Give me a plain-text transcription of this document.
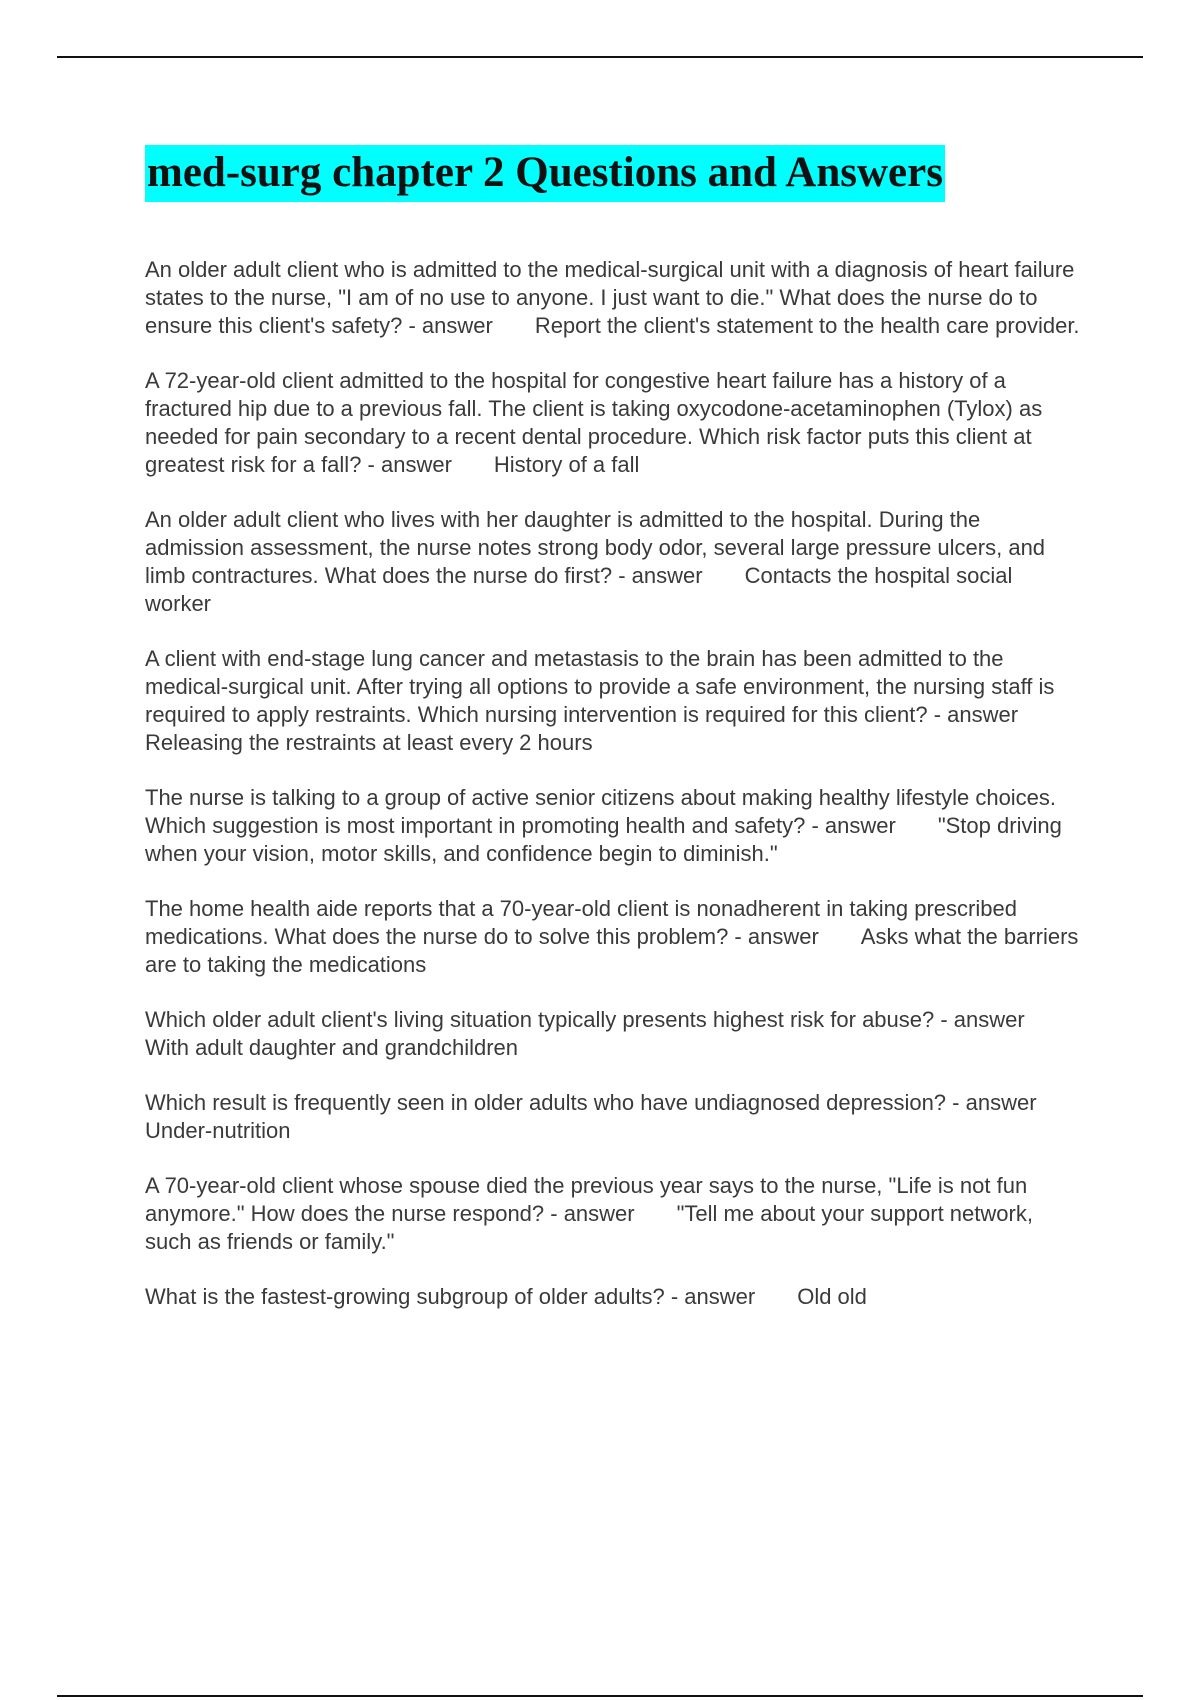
med-surg chapter 2 Questions and Answers

An older adult client who is admitted to the medical-surgical unit with a diagnosis of heart failure states to the nurse, "I am of no use to anyone. I just want to die." What does the nurse do to ensure this client's safety? - answer Report the client's statement to the health care provider.

A 72-year-old client admitted to the hospital for congestive heart failure has a history of a fractured hip due to a previous fall. The client is taking oxycodone-acetaminophen (Tylox) as needed for pain secondary to a recent dental procedure. Which risk factor puts this client at greatest risk for a fall? - answer History of a fall

An older adult client who lives with her daughter is admitted to the hospital. During the admission assessment, the nurse notes strong body odor, several large pressure ulcers, and limb contractures. What does the nurse do first? - answer Contacts the hospital social worker

A client with end-stage lung cancer and metastasis to the brain has been admitted to the medical-surgical unit. After trying all options to provide a safe environment, the nursing staff is required to apply restraints. Which nursing intervention is required for this client? - answerReleasing the restraints at least every 2 hours

The nurse is talking to a group of active senior citizens about making healthy lifestyle choices. Which suggestion is most important in promoting health and safety? - answer "Stop driving when your vision, motor skills, and confidence begin to diminish."

The home health aide reports that a 70-year-old client is nonadherent in taking prescribed medications. What does the nurse do to solve this problem? - answer Asks what the barriers are to taking the medications

Which older adult client's living situation typically presents highest risk for abuse? - answerWith adult daughter and grandchildren

Which result is frequently seen in older adults who have undiagnosed depression? - answerUnder-nutrition

A 70-year-old client whose spouse died the previous year says to the nurse, "Life is not fun anymore." How does the nurse respond? - answer "Tell me about your support network, such as friends or family."

What is the fastest-growing subgroup of older adults? - answer Old old
